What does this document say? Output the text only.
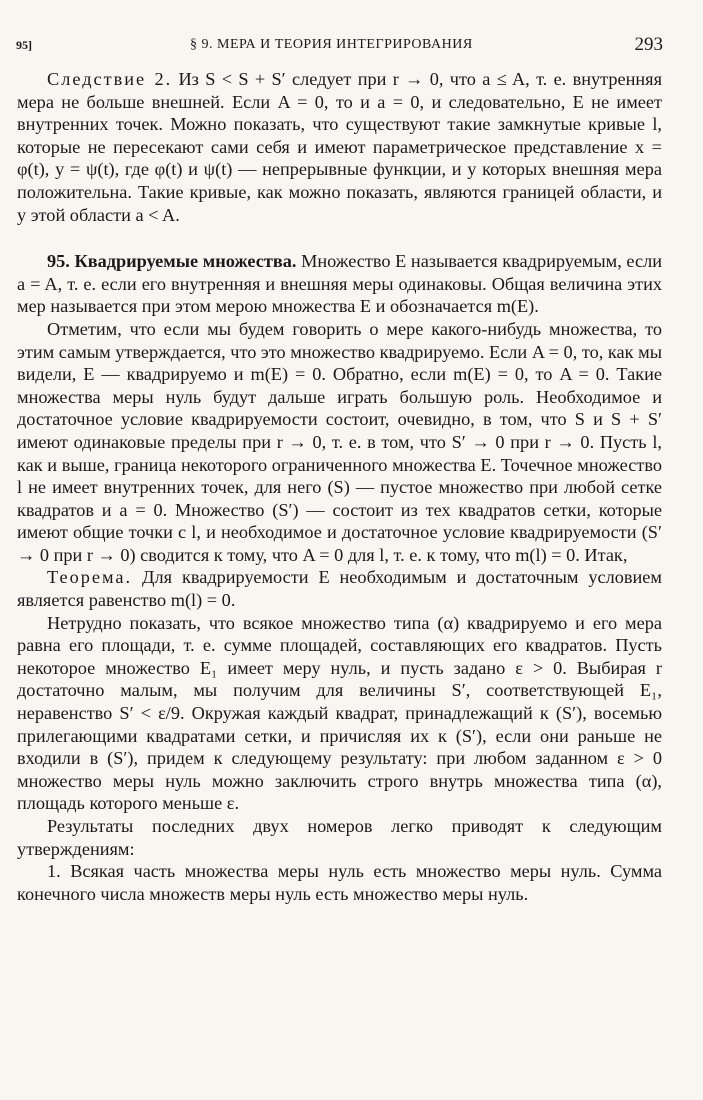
95]	§ 9. МЕРА И ТЕОРИЯ ИНТЕГРИРОВАНИЯ	293

Следствие 2. Из S < S + S′ следует при r → 0, что a ≤ A, т. е. внутренняя мера не больше внешней. Если A = 0, то и a = 0, и следовательно, E не имеет внутренних точек. Можно показать, что существуют такие замкнутые кривые l, которые не пересекают сами себя и имеют параметрическое представление x = φ(t), y = ψ(t), где φ(t) и ψ(t) — непрерывные функции, и у которых внешняя мера положительна. Такие кривые, как можно показать, являются границей области, и у этой области a < A.

95. Квадрируемые множества. Множество E называется квадрируемым, если a = A, т. е. если его внутренняя и внешняя меры одинаковы. Общая величина этих мер называется при этом мерою множества E и обозначается m(E).

Отметим, что если мы будем говорить о мере какого-нибудь множества, то этим самым утверждается, что это множество квадрируемо. Если A = 0, то, как мы видели, E — квадрируемо и m(E) = 0. Обратно, если m(E) = 0, то A = 0. Такие множества меры нуль будут дальше играть большую роль. Необходимое и достаточное условие квадрируемости состоит, очевидно, в том, что S и S + S′ имеют одинаковые пределы при r → 0, т. е. в том, что S′ → 0 при r → 0. Пусть l, как и выше, граница некоторого ограниченного множества E. Точечное множество l не имеет внутренних точек, для него (S) — пустое множество при любой сетке квадратов и a = 0. Множество (S′) — состоит из тех квадратов сетки, которые имеют общие точки с l, и необходимое и достаточное условие квадрируемости (S′ → 0 при r → 0) сводится к тому, что A = 0 для l, т. е. к тому, что m(l) = 0. Итак,

Теорема. Для квадрируемости E необходимым и достаточным условием является равенство m(l) = 0.

Нетрудно показать, что всякое множество типа (α) квадрируемо и его мера равна его площади, т. е. сумме площадей, составляющих его квадратов. Пусть некоторое множество E₁ имеет меру нуль, и пусть задано ε > 0. Выбирая r достаточно малым, мы получим для величины S′, соответствующей E₁, неравенство S′ < ε/9. Окружая каждый квадрат, принадлежащий к (S′), восемью прилегающими квадратами сетки, и причисляя их к (S′), если они раньше не входили в (S′), придем к следующему результату: при любом заданном ε > 0 множество меры нуль можно заключить строго внутрь множества типа (α), площадь которого меньше ε.

Результаты последних двух номеров легко приводят к следующим утверждениям:

1. Всякая часть множества меры нуль есть множество меры нуль. Сумма конечного числа множеств меры нуль есть множество меры нуль.
